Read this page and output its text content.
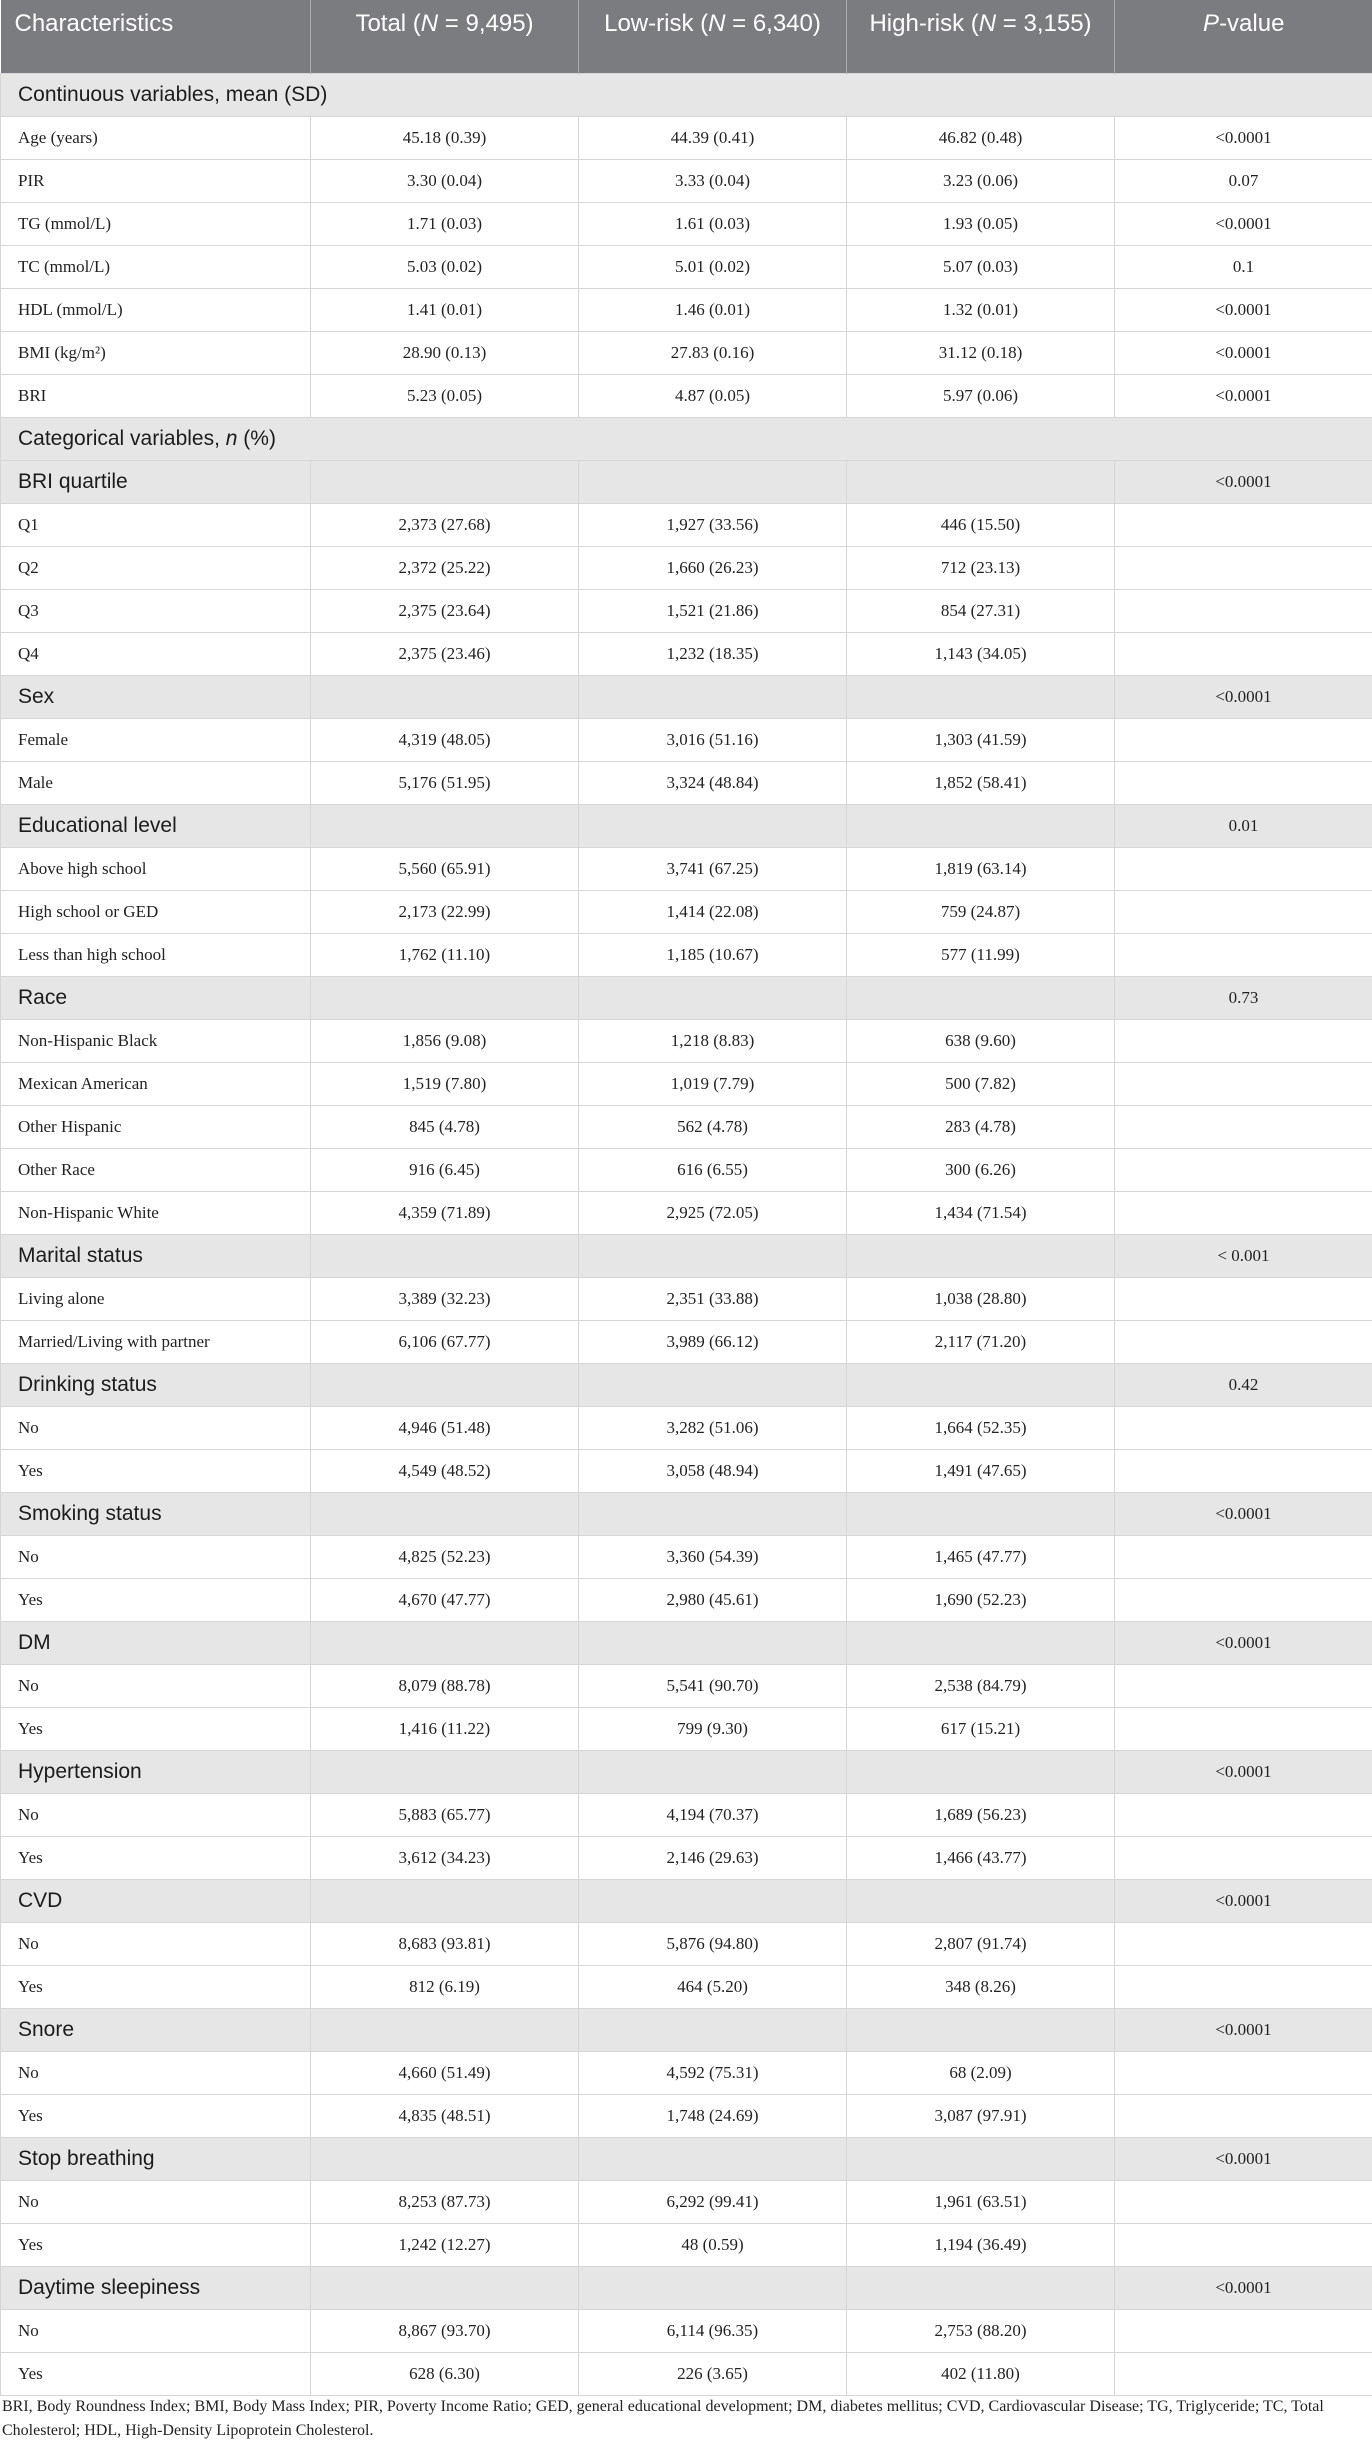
Characteristics	Total (N = 9,495)	Low-risk (N = 6,340)	High-risk (N = 3,155)	P-value
Continuous variables, mean (SD)				
Age (years)	45.18 (0.39)	44.39 (0.41)	46.82 (0.48)	<0.0001
PIR	3.30 (0.04)	3.33 (0.04)	3.23 (0.06)	0.07
TG (mmol/L)	1.71 (0.03)	1.61 (0.03)	1.93 (0.05)	<0.0001
TC (mmol/L)	5.03 (0.02)	5.01 (0.02)	5.07 (0.03)	0.1
HDL (mmol/L)	1.41 (0.01)	1.46 (0.01)	1.32 (0.01)	<0.0001
BMI (kg/m²)	28.90 (0.13)	27.83 (0.16)	31.12 (0.18)	<0.0001
BRI	5.23 (0.05)	4.87 (0.05)	5.97 (0.06)	<0.0001
Categorical variables, n (%)				
BRI quartile				<0.0001
Q1	2,373 (27.68)	1,927 (33.56)	446 (15.50)	
Q2	2,372 (25.22)	1,660 (26.23)	712 (23.13)	
Q3	2,375 (23.64)	1,521 (21.86)	854 (27.31)	
Q4	2,375 (23.46)	1,232 (18.35)	1,143 (34.05)	
Sex				<0.0001
Female	4,319 (48.05)	3,016 (51.16)	1,303 (41.59)	
Male	5,176 (51.95)	3,324 (48.84)	1,852 (58.41)	
Educational level				0.01
Above high school	5,560 (65.91)	3,741 (67.25)	1,819 (63.14)	
High school or GED	2,173 (22.99)	1,414 (22.08)	759 (24.87)	
Less than high school	1,762 (11.10)	1,185 (10.67)	577 (11.99)	
Race				0.73
Non-Hispanic Black	1,856 (9.08)	1,218 (8.83)	638 (9.60)	
Mexican American	1,519 (7.80)	1,019 (7.79)	500 (7.82)	
Other Hispanic	845 (4.78)	562 (4.78)	283 (4.78)	
Other Race	916 (6.45)	616 (6.55)	300 (6.26)	
Non-Hispanic White	4,359 (71.89)	2,925 (72.05)	1,434 (71.54)	
Marital status				< 0.001
Living alone	3,389 (32.23)	2,351 (33.88)	1,038 (28.80)	
Married/Living with partner	6,106 (67.77)	3,989 (66.12)	2,117 (71.20)	
Drinking status				0.42
No	4,946 (51.48)	3,282 (51.06)	1,664 (52.35)	
Yes	4,549 (48.52)	3,058 (48.94)	1,491 (47.65)	
Smoking status				<0.0001
No	4,825 (52.23)	3,360 (54.39)	1,465 (47.77)	
Yes	4,670 (47.77)	2,980 (45.61)	1,690 (52.23)	
DM				<0.0001
No	8,079 (88.78)	5,541 (90.70)	2,538 (84.79)	
Yes	1,416 (11.22)	799 (9.30)	617 (15.21)	
Hypertension				<0.0001
No	5,883 (65.77)	4,194 (70.37)	1,689 (56.23)	
Yes	3,612 (34.23)	2,146 (29.63)	1,466 (43.77)	
CVD				<0.0001
No	8,683 (93.81)	5,876 (94.80)	2,807 (91.74)	
Yes	812 (6.19)	464 (5.20)	348 (8.26)	
Snore				<0.0001
No	4,660 (51.49)	4,592 (75.31)	68 (2.09)	
Yes	4,835 (48.51)	1,748 (24.69)	3,087 (97.91)	
Stop breathing				<0.0001
No	8,253 (87.73)	6,292 (99.41)	1,961 (63.51)	
Yes	1,242 (12.27)	48 (0.59)	1,194 (36.49)	
Daytime sleepiness				<0.0001
No	8,867 (93.70)	6,114 (96.35)	2,753 (88.20)	
Yes	628 (6.30)	226 (3.65)	402 (11.80)	
BRI, Body Roundness Index; BMI, Body Mass Index; PIR, Poverty Income Ratio; GED, general educational development; DM, diabetes mellitus; CVD, Cardiovascular Disease; TG, Triglyceride; TC, Total Cholesterol; HDL, High-Density Lipoprotein Cholesterol.
